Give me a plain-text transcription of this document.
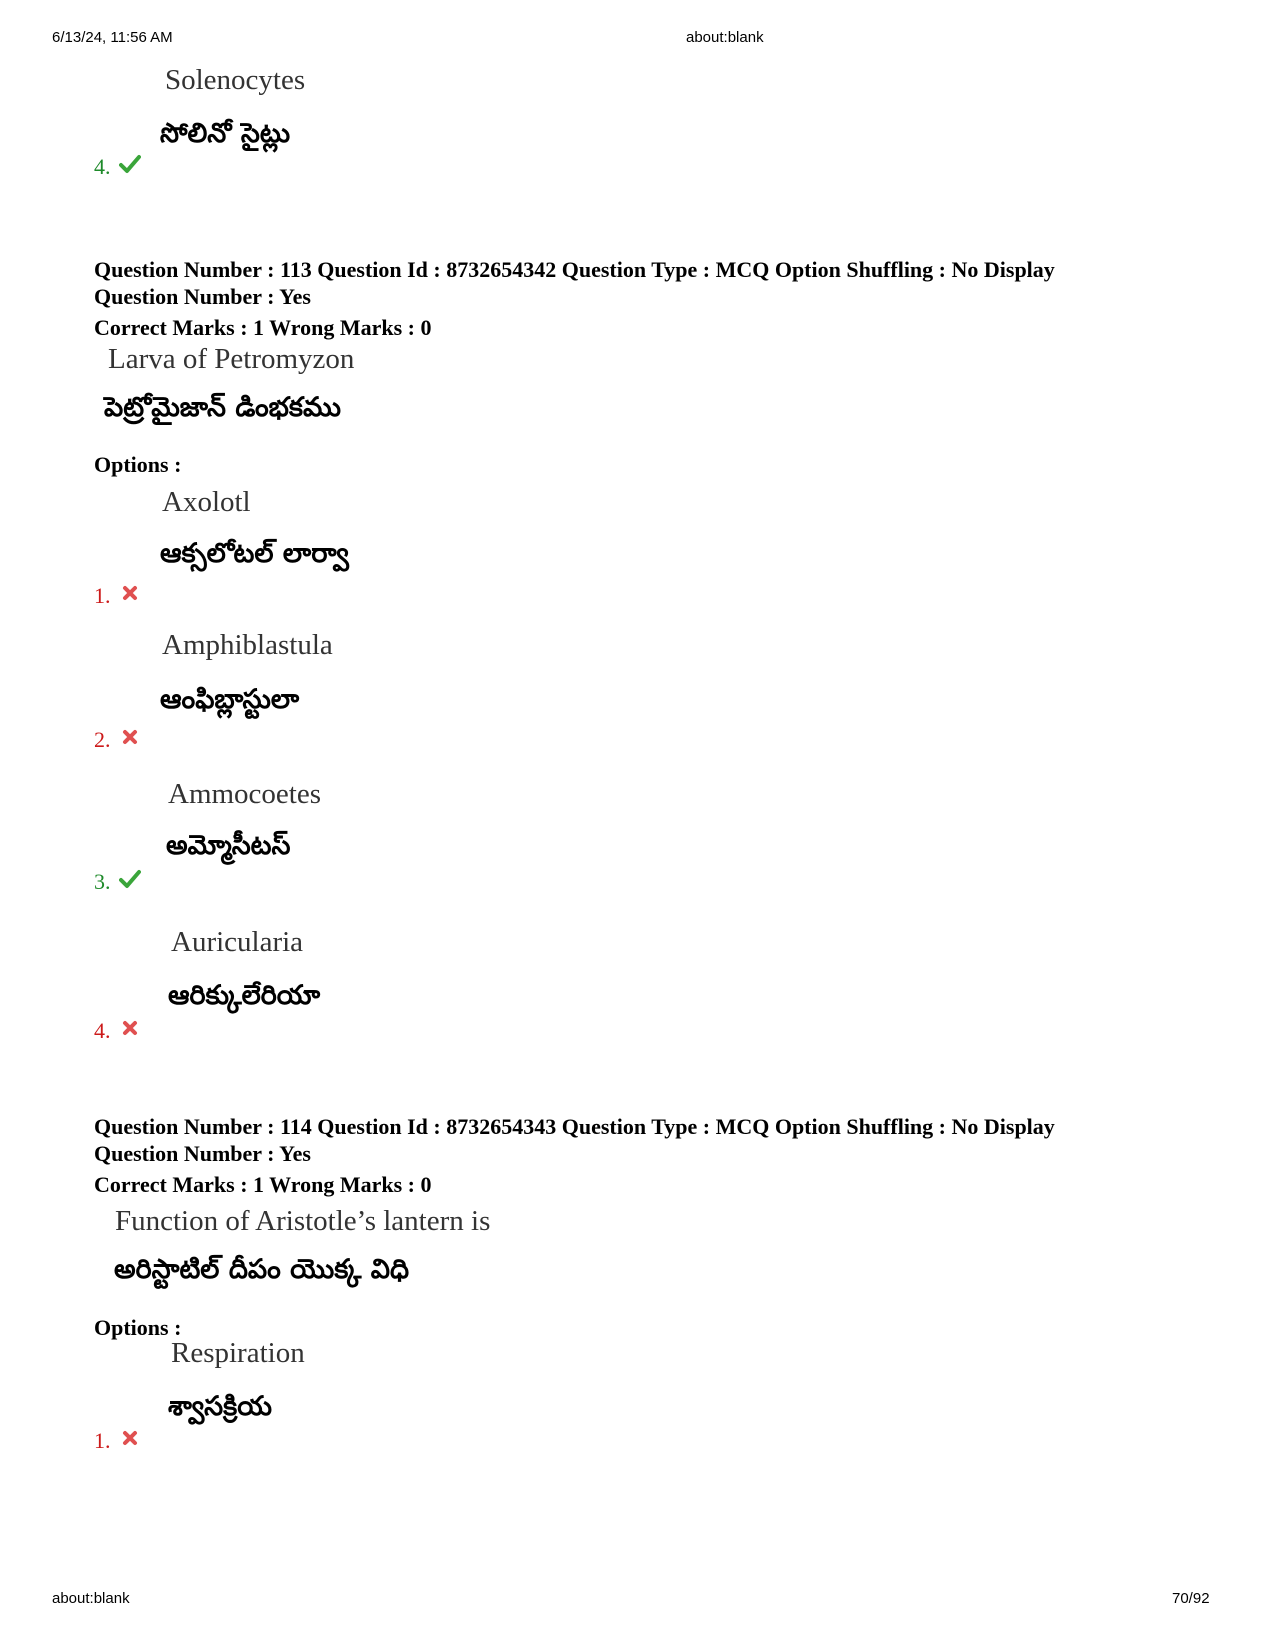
6/13/24, 11:56 AM	about:blank
Solenocytes
సోలినో సైట్లు
4.
Question Number : 113 Question Id : 8732654342 Question Type : MCQ Option Shuffling : No Display
Question Number : Yes
Correct Marks : 1 Wrong Marks : 0
Larva of Petromyzon
పెట్రోమైజాన్ డింభకము
Options :
Axolotl
ఆక్సలోటల్ లార్వా
1.
Amphiblastula
ఆంఫిబ్లాస్టులా
2.
Ammocoetes
అమ్మోసీటస్
3.
Auricularia
ఆరిక్కులేరియా
4.
Question Number : 114 Question Id : 8732654343 Question Type : MCQ Option Shuffling : No Display
Question Number : Yes
Correct Marks : 1 Wrong Marks : 0
Function of Aristotle’s lantern is
అరిస్టాటిల్ దీపం యొక్క విధి
Options :
Respiration
శ్వాసక్రియ
1.
about:blank	70/92
